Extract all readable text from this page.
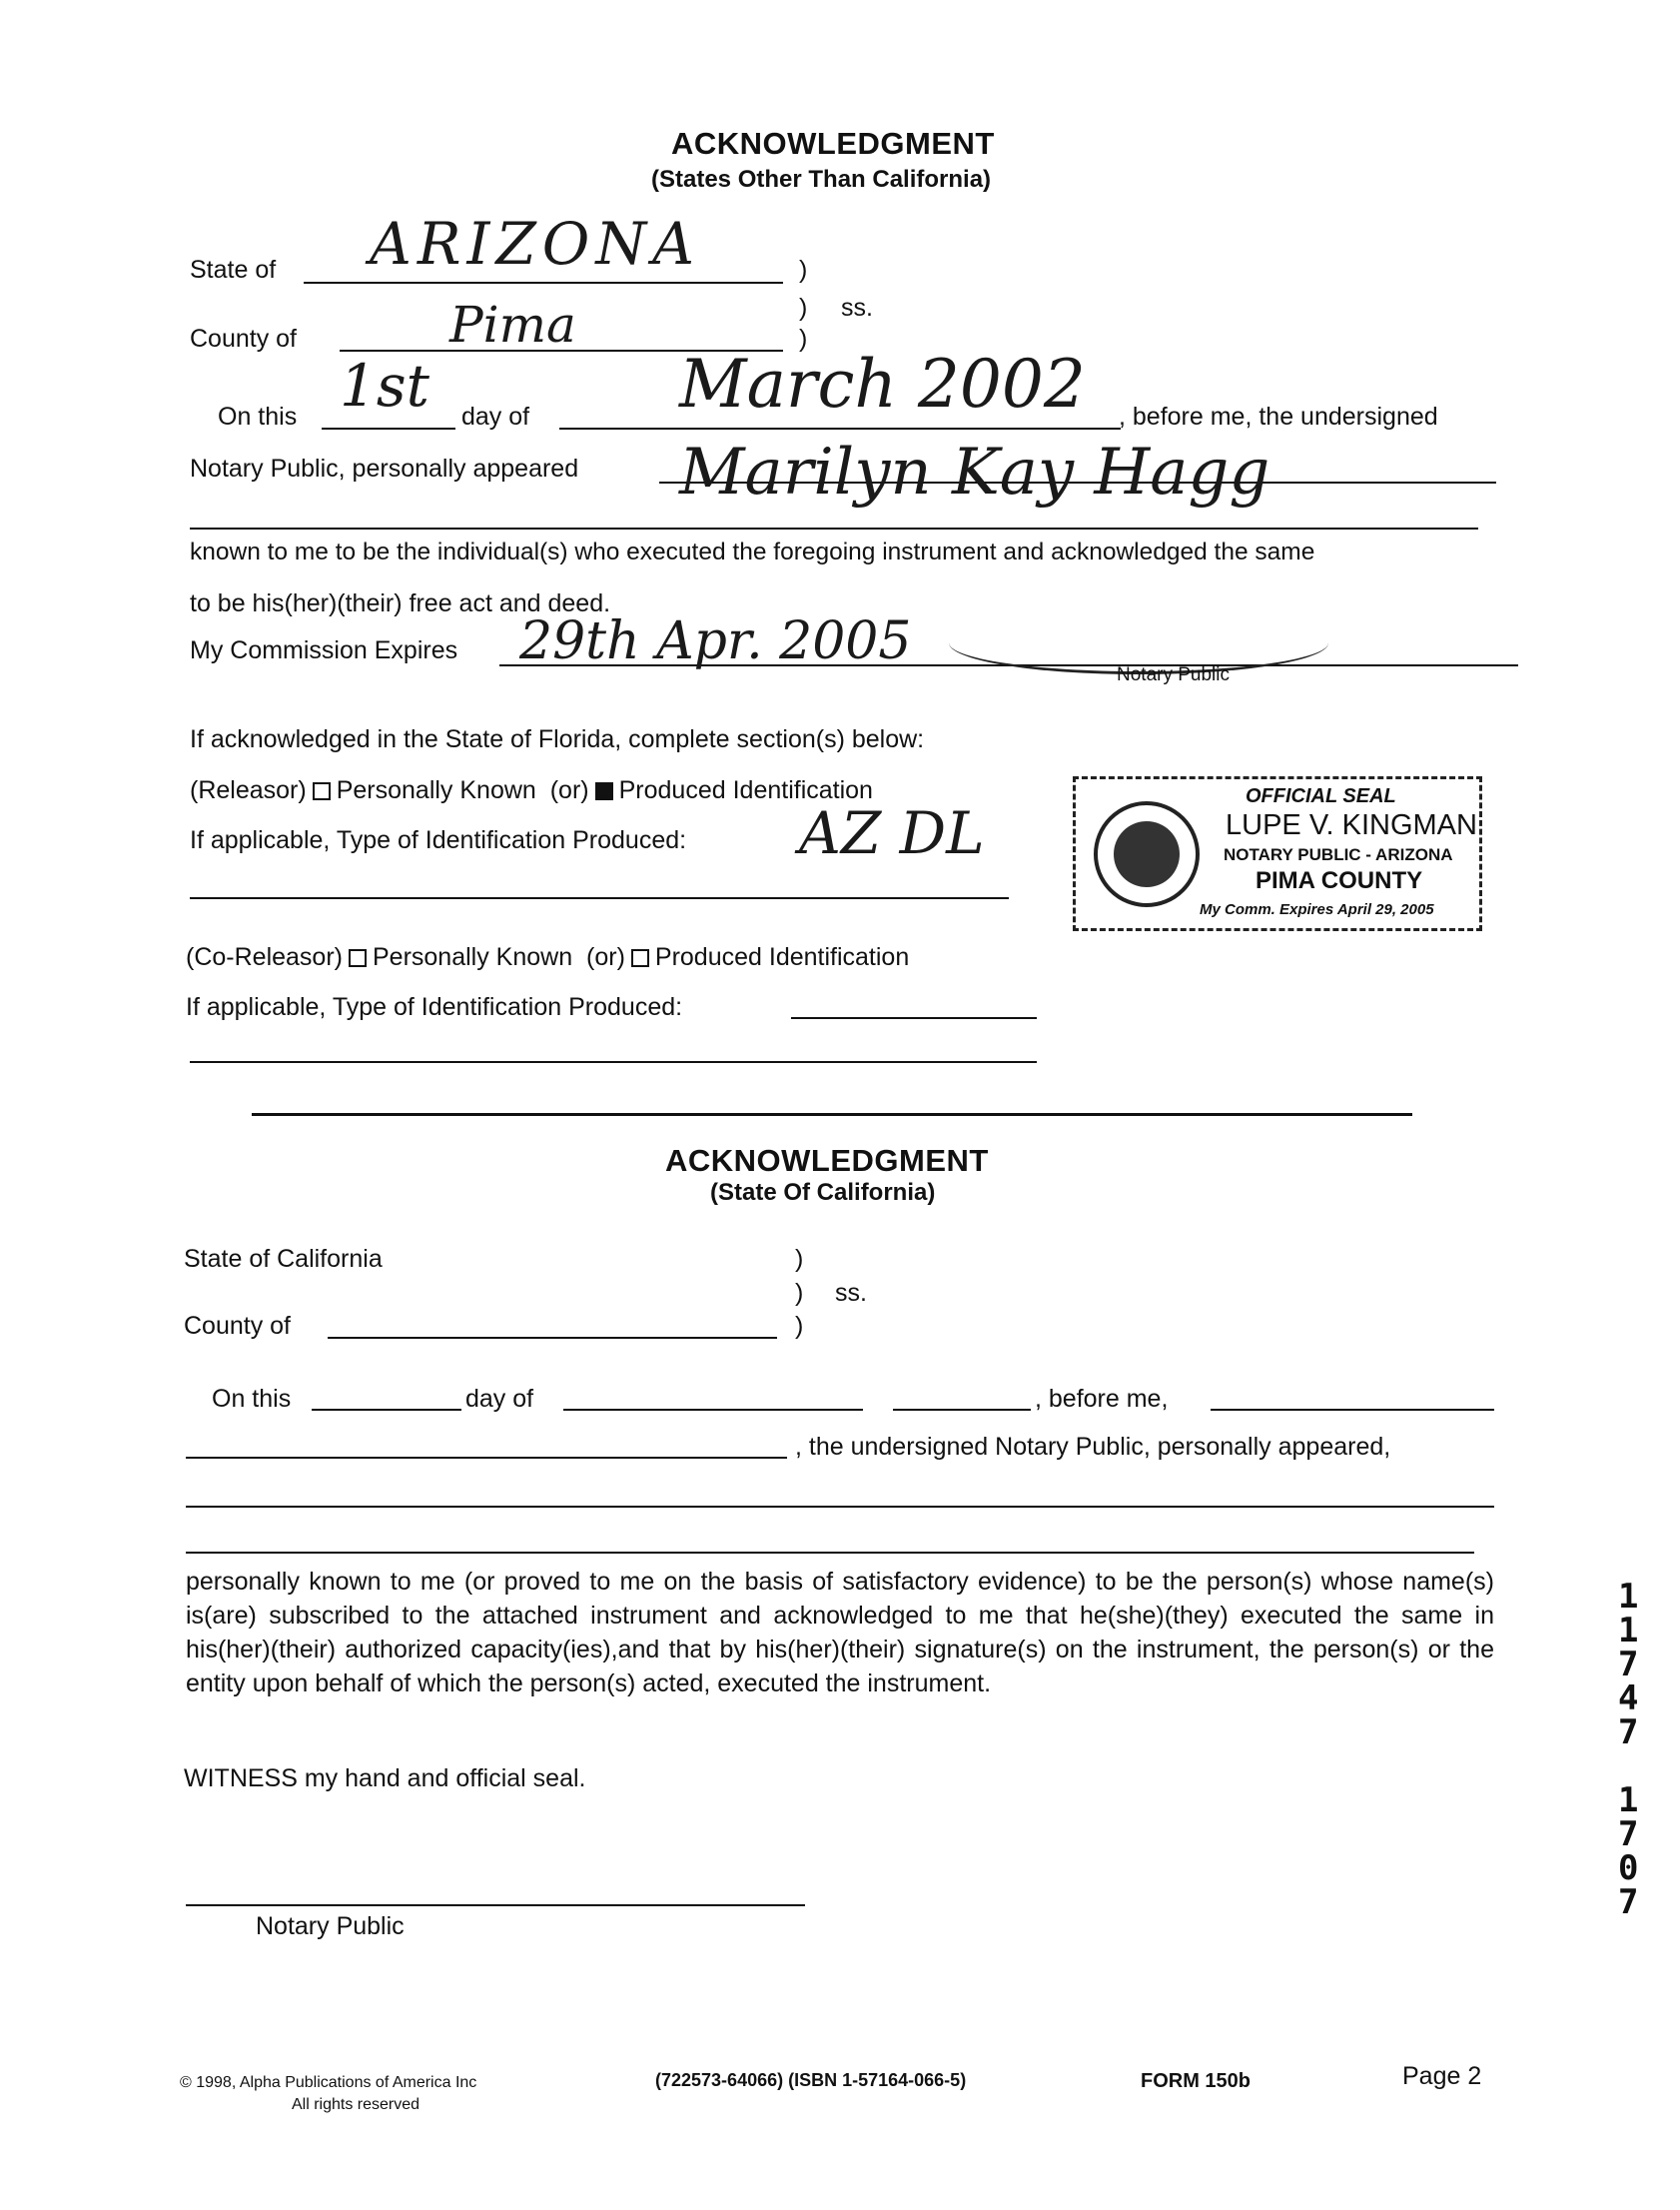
ACKNOWLEDGMENT
(States Other Than California)
State of ARIZONA	)
) ss.
County of	Pima	)
On this 1st day of March 2002 , before me, the undersigned
Notary Public, personally appeared Marilyn Kay Hagg
known to me to be the individual(s) who executed the foregoing instrument and acknowledged the same
to be his(her)(their) free act and deed.
My Commission Expires 29th Apr. 2005
Notary Public
If acknowledged in the State of Florida, complete section(s) below:
(Releasor) Personally Known (or) Produced Identification
If applicable, Type of Identification Produced: AZ DL
OFFICIAL SEAL
LUPE V. KINGMAN
NOTARY PUBLIC - ARIZONA
PIMA COUNTY
My Comm. Expires April 29, 2005
(Co-Releasor) Personally Known (or) Produced Identification
If applicable, Type of Identification Produced:
ACKNOWLEDGMENT
(State Of California)
State of California	)
) ss.
County of	)
On this	day of	, before me,
, the undersigned Notary Public, personally appeared,
personally known to me (or proved to me on the basis of satisfactory evidence) to be the person(s) whose name(s) is(are) subscribed to the attached instrument and acknowledged to me that he(she)(they) executed the same in his(her)(their) authorized capacity(ies),and that by his(her)(their) signature(s) on the instrument, the person(s) or the entity upon behalf of which the person(s) acted, executed the instrument.
WITNESS my hand and official seal.
Notary Public
© 1998, Alpha Publications of America Inc
All rights reserved
(722573-64066) (ISBN 1-57164-066-5)	FORM 150b	Page 2
1
1
7
4
7
1
7
0
7
